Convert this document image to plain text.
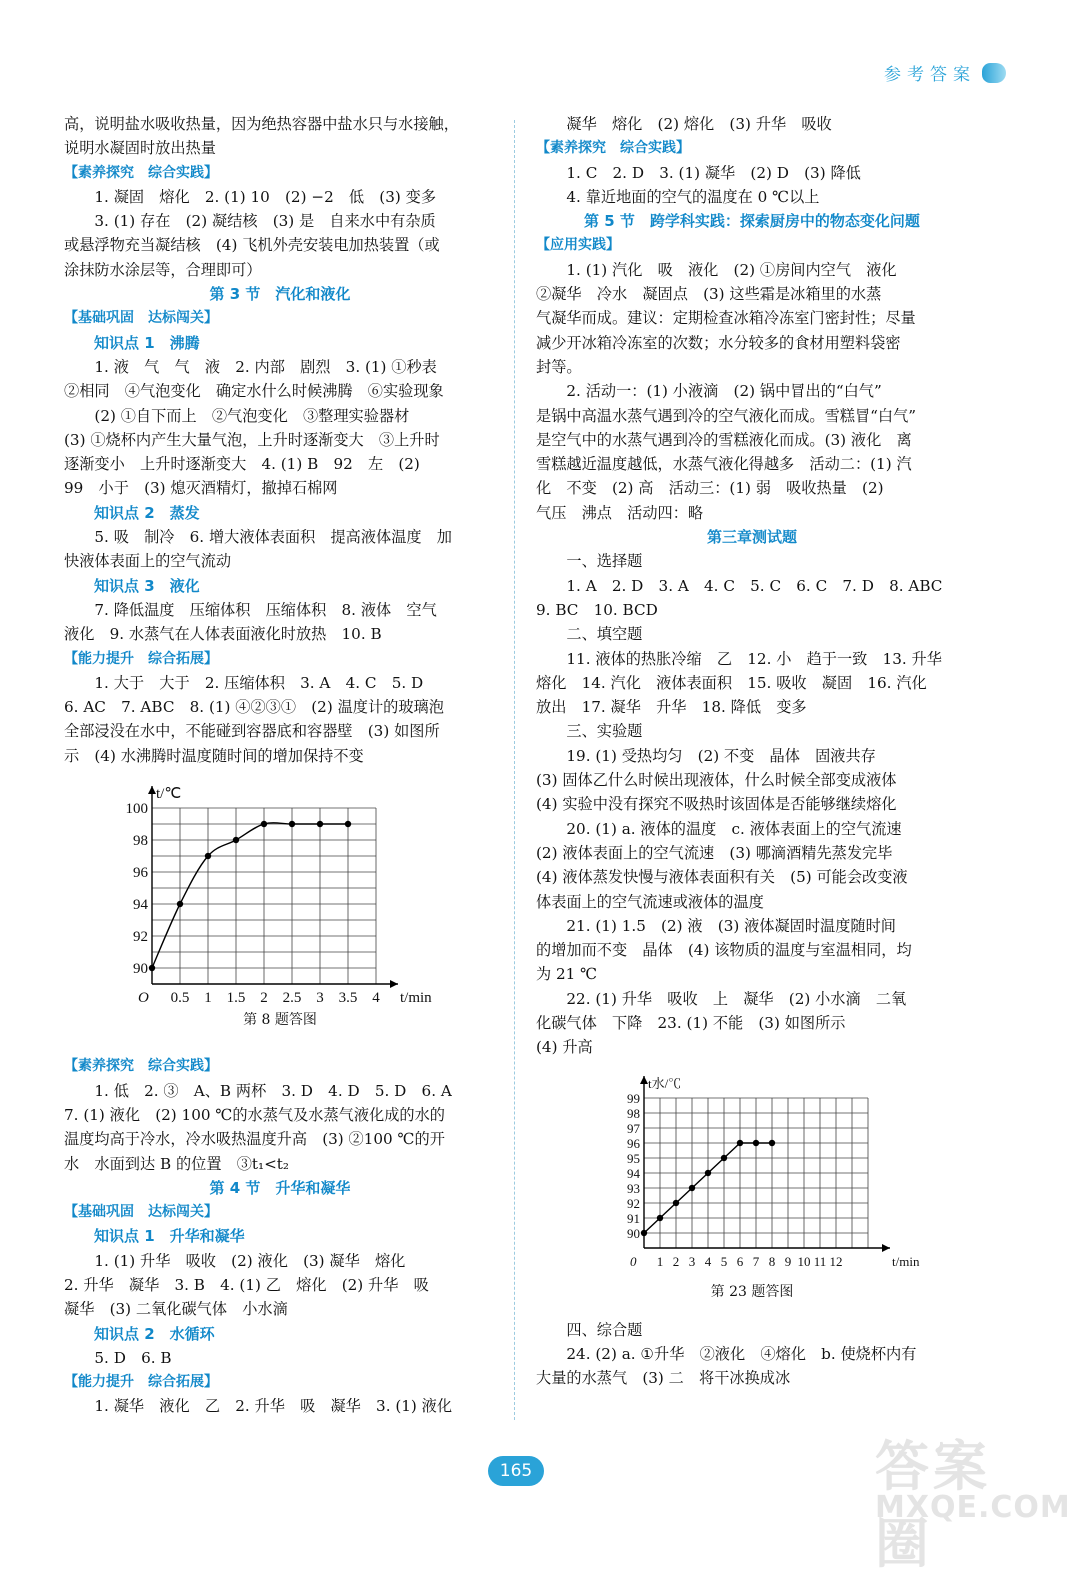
参考答案
高，说明盐水吸收热量，因为绝热容器中盐水只与水接触，
说明水凝固时放出热量
【素养探究　综合实践】
1. 凝固　熔化　2. (1) 10　(2) −2　低　(3) 变多
3. (1) 存在　(2) 凝结核　(3) 是　自来水中有杂质
或悬浮物充当凝结核　(4) 飞机外壳安装电加热装置（或
涂抹防水涂层等，合理即可）
第 3 节　汽化和液化
【基础巩固　达标闯关】
知识点 1　沸腾
1. 液　气　气　液　2. 内部　剧烈　3. (1) ①秒表
②相同　④气泡变化　确定水什么时候沸腾　⑥实验现象
(2) ①自下而上　②气泡变化　③整理实验器材
(3) ①烧杯内产生大量气泡，上升时逐渐变大　③上升时
逐渐变小　上升时逐渐变大　4. (1) B　92　左　(2)
99　小于　(3) 熄灭酒精灯，撤掉石棉网
知识点 2　蒸发
5. 吸　制冷　6. 增大液体表面积　提高液体温度　加
快液体表面上的空气流动
知识点 3　液化
7. 降低温度　压缩体积　压缩体积　8. 液体　空气
液化　9. 水蒸气在人体表面液化时放热　10. B
【能力提升　综合拓展】
1. 大于　大于　2. 压缩体积　3. A　4. C　5. D
6. AC　7. ABC　8. (1) ④②③①　(2) 温度计的玻璃泡
全部浸没在水中，不能碰到容器底和容器壁　(3) 如图所
示　(4) 水沸腾时温度随时间的增加保持不变
t/℃
t/min
O
90
92
94
96
98
100
0.5 1 1.5 2 2.5 3 3.5 4
第 8 题答图
【素养探究　综合实践】
1. 低　2. ③　A、B 两杯　3. D　4. D　5. D　6. A
7. (1) 液化　(2) 100 ℃的水蒸气及水蒸气液化成的水的
温度均高于冷水，冷水吸热温度升高　(3) ②100 ℃的开
水　水面到达 B 的位置　③t₁<t₂
第 4 节　升华和凝华
【基础巩固　达标闯关】
知识点 1　升华和凝华
1. (1) 升华　吸收　(2) 液化　(3) 凝华　熔化
2. 升华　凝华　3. B　4. (1) 乙　熔化　(2) 升华　吸
凝华　(3) 二氧化碳气体　小水滴
知识点 2　水循环
5. D　6. B
【能力提升　综合拓展】
1. 凝华　液化　乙　2. 升华　吸　凝华　3. (1) 液化
凝华　熔化　(2) 熔化　(3) 升华　吸收
【素养探究　综合实践】
1. C　2. D　3. (1) 凝华　(2) D　(3) 降低
4. 靠近地面的空气的温度在 0 ℃以上
第 5 节　跨学科实践：探索厨房中的物态变化问题
【应用实践】
1. (1) 汽化　吸　液化　(2) ①房间内空气　液化
②凝华　冷水　凝固点　(3) 这些霜是冰箱里的水蒸
气凝华而成。建议：定期检查冰箱冷冻室门密封性；尽量
减少开冰箱冷冻室的次数；水分较多的食材用塑料袋密
封等。
2. 活动一：(1) 小液滴　(2) 锅中冒出的“白气”
是锅中高温水蒸气遇到冷的空气液化而成。雪糕冒“白气”
是空气中的水蒸气遇到冷的雪糕液化而成。(3) 液化　离
雪糕越近温度越低，水蒸气液化得越多　活动二：(1) 汽
化　不变　(2) 高　活动三：(1) 弱　吸收热量　(2)
气压　沸点　活动四：略
第三章测试题
一、选择题
1. A　2. D　3. A　4. C　5. C　6. C　7. D　8. ABC
9. BC　10. BCD
二、填空题
11. 液体的热胀冷缩　乙　12. 小　趋于一致　13. 升华
熔化　14. 汽化　液体表面积　15. 吸收　凝固　16. 汽化
放出　17. 凝华　升华　18. 降低　变多
三、实验题
19. (1) 受热均匀　(2) 不变　晶体　固液共存
(3) 固体乙什么时候出现液体，什么时候全部变成液体
(4) 实验中没有探究不吸热时该固体是否能够继续熔化
20. (1) a. 液体的温度　c. 液体表面上的空气流速
(2) 液体表面上的空气流速　(3) 哪滴酒精先蒸发完毕
(4) 液体蒸发快慢与液体表面积有关　(5) 可能会改变液
体表面上的空气流速或液体的温度
21. (1) 1.5　(2) 液　(3) 液体凝固时温度随时间
的增加而不变　晶体　(4) 该物质的温度与室温相同，均
为 21 ℃
22. (1) 升华　吸收　上　凝华　(2) 小水滴　二氧
化碳气体　下降　23. (1) 不能　(3) 如图所示
(4) 升高
t水/℃
t/min
0
90
91
92
93
94
95
96
97
98
99
1 2 3 4 5 6 7 8 9 10 11 12
第 23 题答图
四、综合题
24. (2) a. ①升华　②液化　④熔化　b. 使烧杯内有
大量的水蒸气　(3) 二　将干冰换成冰
165	答案圈
MXQE.COM
